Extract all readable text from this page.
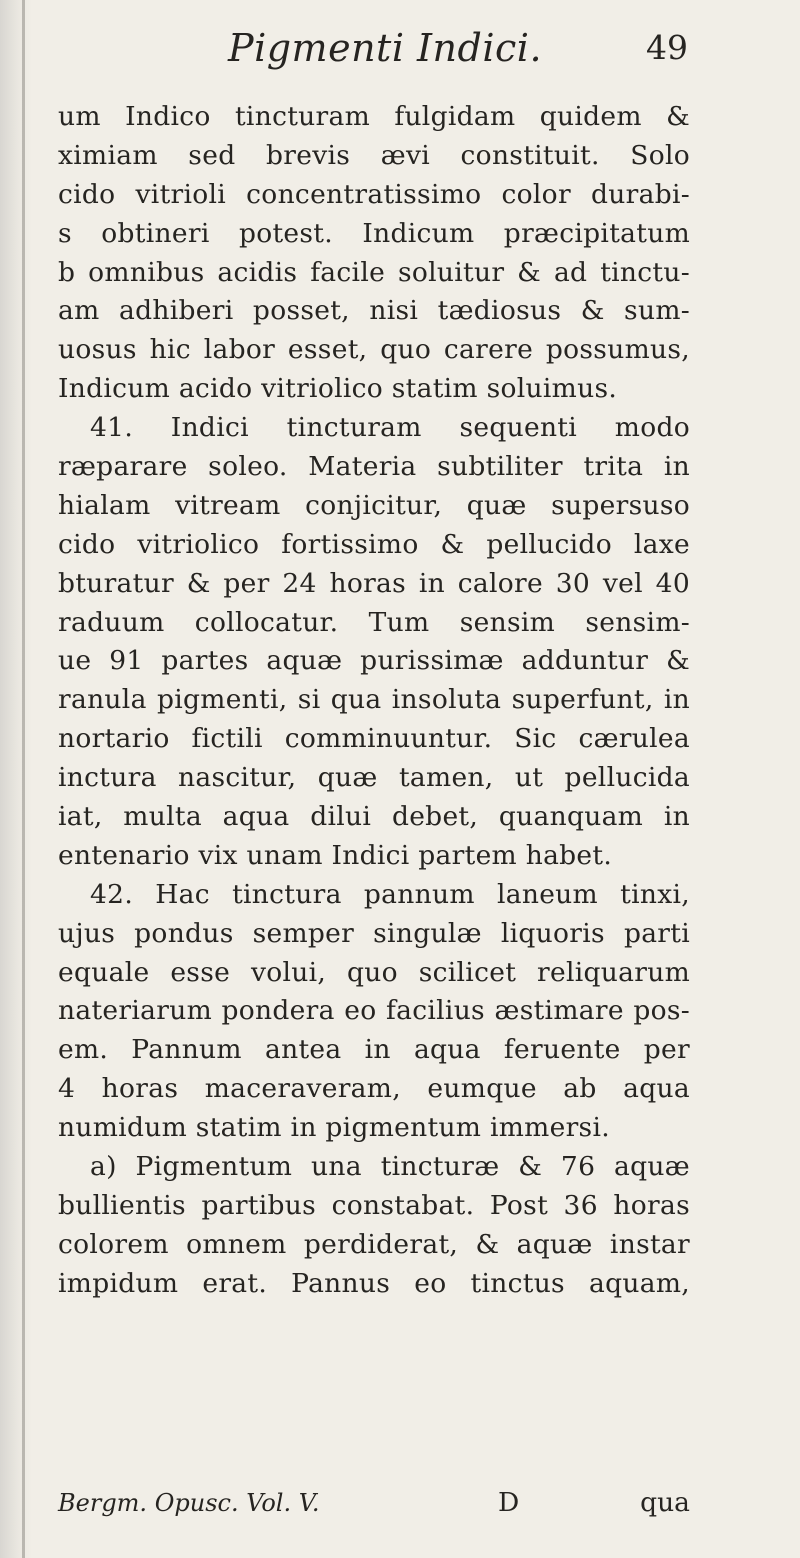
Pigmenti Indici.	49
um Indico tincturam fulgidam quidem &
ximiam sed brevis ævi constituit. Solo
cido vitrioli concentratissimo color durabi-
s obtineri potest. Indicum præcipitatum
b omnibus acidis facile soluitur & ad tinctu-
am adhiberi posset, nisi tædiosus & sum-
uosus hic labor esset, quo carere possumus,
Indicum acido vitriolico statim soluimus.
41. Indici tincturam sequenti modo
ræparare soleo. Materia subtiliter trita in
hialam vitream conjicitur, quæ supersuso
cido vitriolico fortissimo & pellucido laxe
bturatur & per 24 horas in calore 30 vel 40
raduum collocatur. Tum sensim sensim-
ue 91 partes aquæ purissimæ adduntur &
ranula pigmenti, si qua insoluta superfunt, in
nortario fictili comminuuntur. Sic cærulea
inctura nascitur, quæ tamen, ut pellucida
iat, multa aqua dilui debet, quanquam in
entenario vix unam Indici partem habet.
42. Hac tinctura pannum laneum tinxi,
ujus pondus semper singulæ liquoris parti
equale esse volui, quo scilicet reliquarum
nateriarum pondera eo facilius æstimare pos-
em. Pannum antea in aqua feruente per
4 horas maceraveram, eumque ab aqua
numidum statim in pigmentum immersi.
a) Pigmentum una tincturæ & 76 aquæ
bullientis partibus constabat. Post 36 horas
colorem omnem perdiderat, & aquæ instar
impidum erat. Pannus eo tinctus aquam,
Bergm. Opusc. Vol. V.	D	qua
